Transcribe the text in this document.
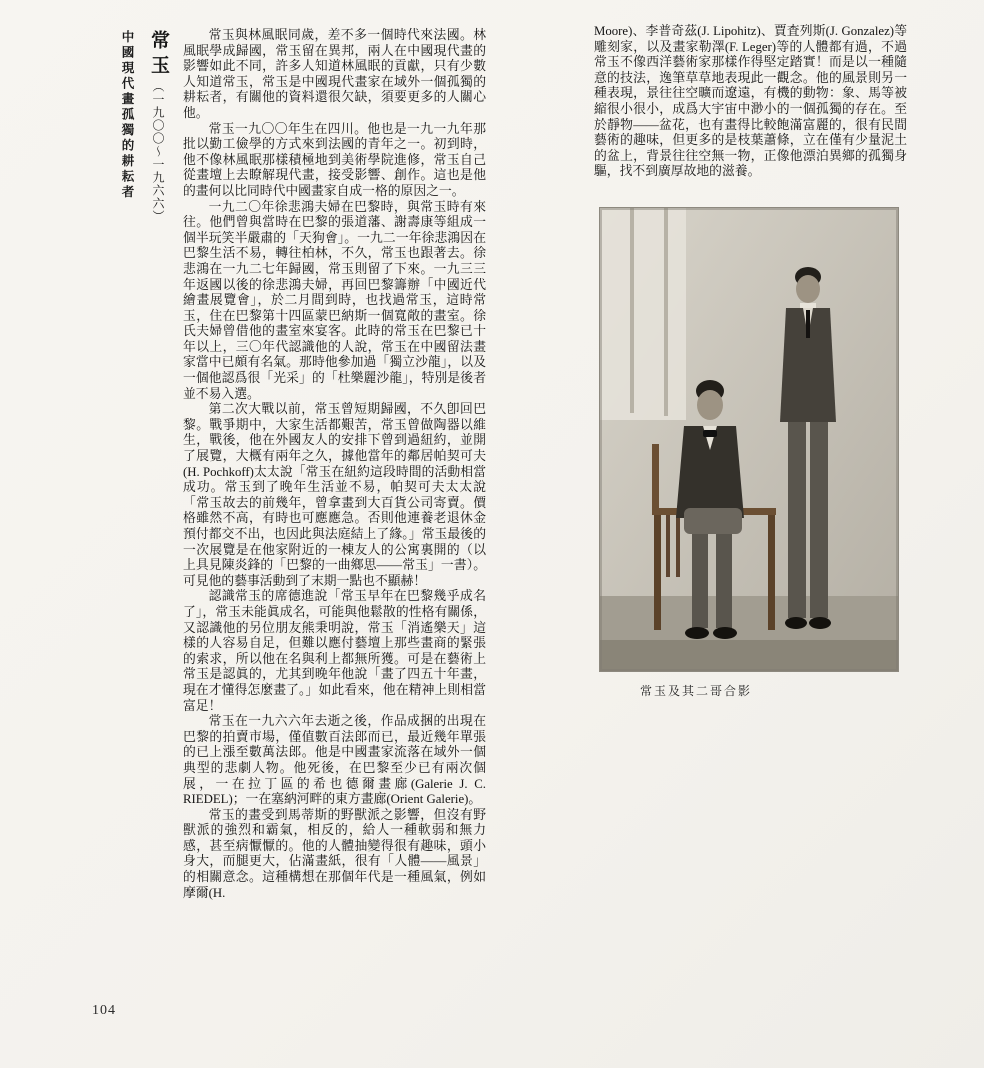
常玉（一九〇〇～一九六六）
中國現代畫孤獨的耕耘者	常玉與林風眠同歲，差不多一個時代來法國。林風眠學成歸國，常玉留在異邦，兩人在中國現代畫的影響如此不同，許多人知道林風眠的貢獻，只有少數人知道常玉，常玉是中國現代畫家在域外一個孤獨的耕耘者，有關他的資料還很欠缺，須要更多的人關心他。

常玉一九〇〇年生在四川。他也是一九一九年那批以勤工儉學的方式來到法國的青年之一。初到時，他不像林風眠那樣積極地到美術學院進修，常玉自己從畫壇上去瞭解現代畫，接受影響、創作。這也是他的畫何以比同時代中國畫家自成一格的原因之一。

一九二〇年徐悲鴻夫婦在巴黎時，與常玉時有來往。他們曾與當時在巴黎的張道藩、謝壽康等組成一個半玩笑半嚴肅的「天狗會」。一九二一年徐悲鴻因在巴黎生活不易，轉往柏林，不久，常玉也跟著去。徐悲鴻在一九二七年歸國，常玉則留了下來。一九三三年返國以後的徐悲鴻夫婦，再回巴黎籌辦「中國近代繪畫展覽會」，於二月間到時，也找過常玉，這時常玉，住在巴黎第十四區蒙巴納斯一個寬敞的畫室。徐氏夫婦曾借他的畫室來宴客。此時的常玉在巴黎已十年以上，三〇年代認識他的人說，常玉在中國留法畫家當中已頗有名氣。那時他參加過「獨立沙龍」，以及一個他認爲很「光采」的「杜樂麗沙龍」，特別是後者並不易入選。

第二次大戰以前，常玉曾短期歸國，不久卽回巴黎。戰爭期中，大家生活都艱苦，常玉曾做陶器以維生，戰後，他在外國友人的安排下曾到過紐約，並開了展覽，大概有兩年之久，據他當年的鄰居帕契可夫(H. Pochkoff)太太說「常玉在紐約這段時間的活動相當成功。常玉到了晚年生活並不易，帕契可夫太太說「常玉故去的前幾年，曾拿畫到大百貨公司寄賣。價格雖然不高，有時也可應應急。否則他連養老退休金預付都交不出，也因此與法庭結上了緣。」常玉最後的一次展覽是在他家附近的一棟友人的公寓裏開的（以上具見陳炎鋒的「巴黎的一曲鄉思——常玉」一書）。可見他的藝事活動到了末期一點也不顯赫！

認識常玉的席德進說「常玉早年在巴黎幾乎成名了」，常玉未能眞成名，可能與他鬆散的性格有關係，又認識他的另位朋友熊秉明說，常玉「消遙樂天」這樣的人容易自足，但難以應付藝壇上那些畫商的緊張的索求，所以他在名與利上都無所獲。可是在藝術上常玉是認眞的，尤其到晚年他說「畫了四五十年畫，現在才懂得怎麼畫了。」如此看來，他在精神上則相當富足！

常玉在一九六六年去逝之後，作品成捆的出現在巴黎的拍賣市場，僅值數百法郎而已，最近幾年單張的已上漲至數萬法郎。他是中國畫家流落在域外一個典型的悲劇人物。他死後，在巴黎至少已有兩次個展，一在拉丁區的希也德爾畫廊(Galerie J. C. RIEDEL)；一在塞納河畔的東方畫廊(Orient Galerie)。

常玉的畫受到馬蒂斯的野獸派之影響，但沒有野獸派的強烈和霸氣，相反的，給人一種軟弱和無力感，甚至病懨懨的。他的人體抽變得很有趣味，頭小身大，而腿更大，佔滿畫紙，很有「人體——風景」的相關意念。這種構想在那個年代是一種風氣，例如摩爾(H.

Moore)、李普奇茲(J. Lipohitz)、賈査列斯(J. Gonzalez)等雕刻家，以及畫家勒澤(F. Leger)等的人體都有過，不過常玉不像西洋藝術家那樣作得堅定踏實！而是以一種隨意的技法，逸筆草草地表現此一觀念。他的風景則另一種表現，景往往空曠而遼遠，有機的動物：象、馬等被縮很小很小，成爲大宇宙中渺小的一個孤獨的存在。至於靜物——盆花，也有畫得比較飽滿富麗的，很有民間藝術的趣味，但更多的是枝葉蕭條，立在僅有少量泥土的盆上，背景往往空無一物，正像他漂泊異鄉的孤獨身驅，找不到廣厚故地的滋養。

常玉及其二哥合影
104
